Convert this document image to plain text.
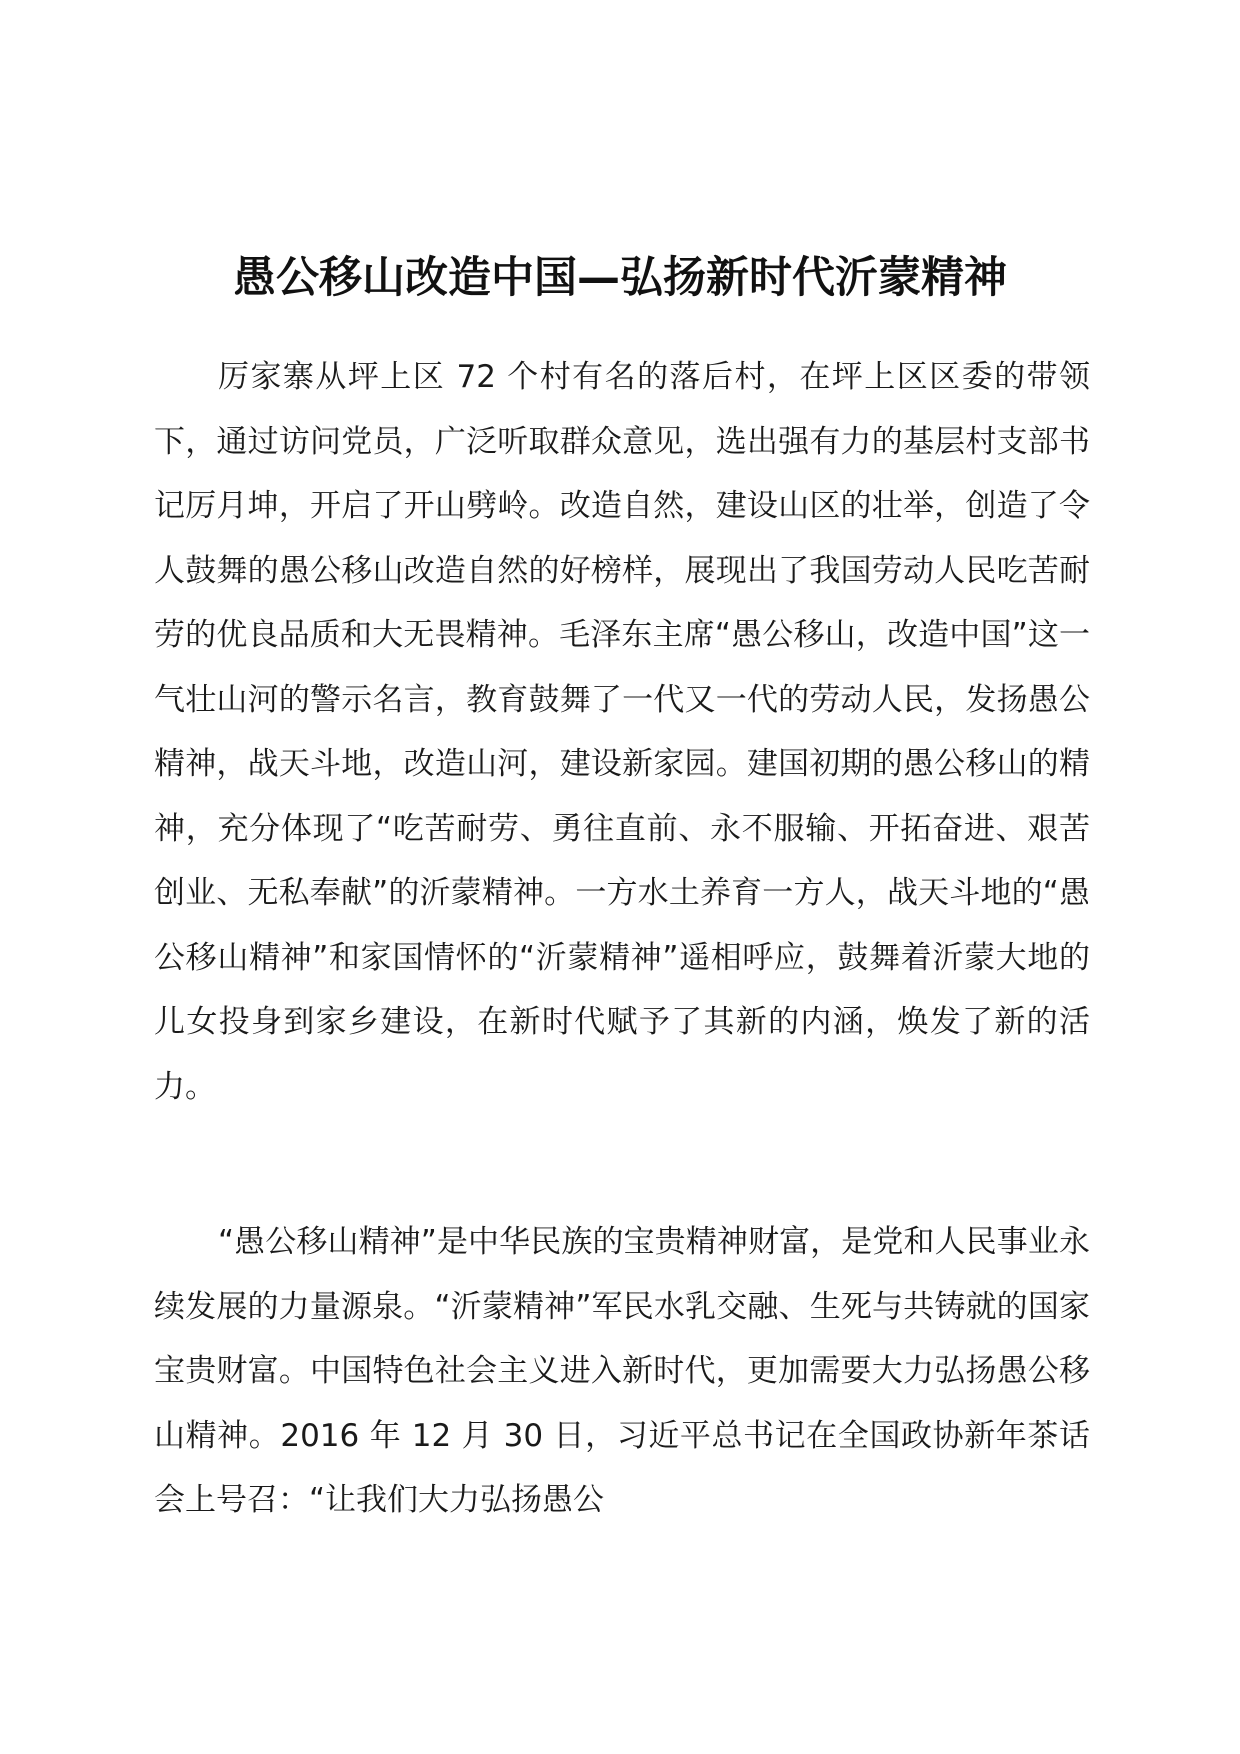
愚公移山改造中国—弘扬新时代沂蒙精神

厉家寨从坪上区 72 个村有名的落后村，在坪上区区委的带领下，通过访问党员，广泛听取群众意见，选出强有力的基层村支部书记厉月坤，开启了开山劈岭。改造自然，建设山区的壮举，创造了令人鼓舞的愚公移山改造自然的好榜样，展现出了我国劳动人民吃苦耐劳的优良品质和大无畏精神。毛泽东主席“愚公移山，改造中国”这一气壮山河的警示名言，教育鼓舞了一代又一代的劳动人民，发扬愚公精神，战天斗地，改造山河，建设新家园。建国初期的愚公移山的精神，充分体现了“吃苦耐劳、勇往直前、永不服输、开拓奋进、艰苦创业、无私奉献”的沂蒙精神。一方水土养育一方人，战天斗地的“愚公移山精神”和家国情怀的“沂蒙精神”遥相呼应，鼓舞着沂蒙大地的儿女投身到家乡建设，在新时代赋予了其新的内涵，焕发了新的活力。

“愚公移山精神”是中华民族的宝贵精神财富，是党和人民事业永续发展的力量源泉。“沂蒙精神”军民水乳交融、生死与共铸就的国家宝贵财富。中国特色社会主义进入新时代，更加需要大力弘扬愚公移山精神。2016 年 12 月 30 日，习近平总书记在全国政协新年茶话会上号召：“让我们大力弘扬愚公
